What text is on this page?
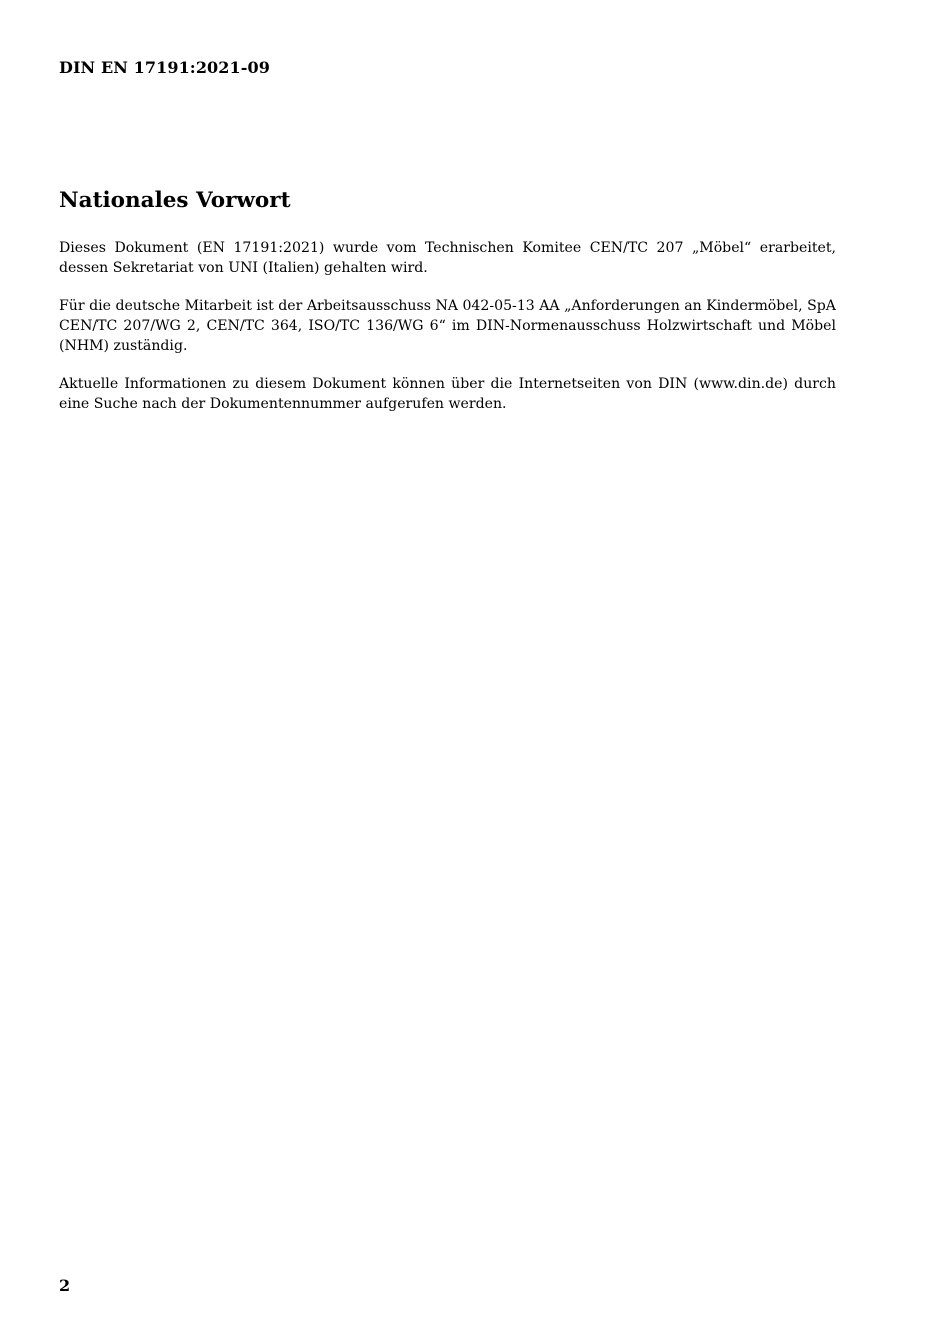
DIN EN 17191:2021-09
Nationales Vorwort

Dieses Dokument (EN 17191:2021) wurde vom Technischen Komitee CEN/TC 207 „Möbel“ erarbeitet, dessen Sekretariat von UNI (Italien) gehalten wird.

Für die deutsche Mitarbeit ist der Arbeitsausschuss NA 042-05-13 AA „Anforderungen an Kindermöbel, SpA CEN/TC 207/WG 2, CEN/TC 364, ISO/TC 136/WG 6“ im DIN-Normenausschuss Holzwirtschaft und Möbel (NHM) zuständig.

Aktuelle Informationen zu diesem Dokument können über die Internetseiten von DIN (www.din.de) durch eine Suche nach der Dokumentennummer aufgerufen werden.

2
